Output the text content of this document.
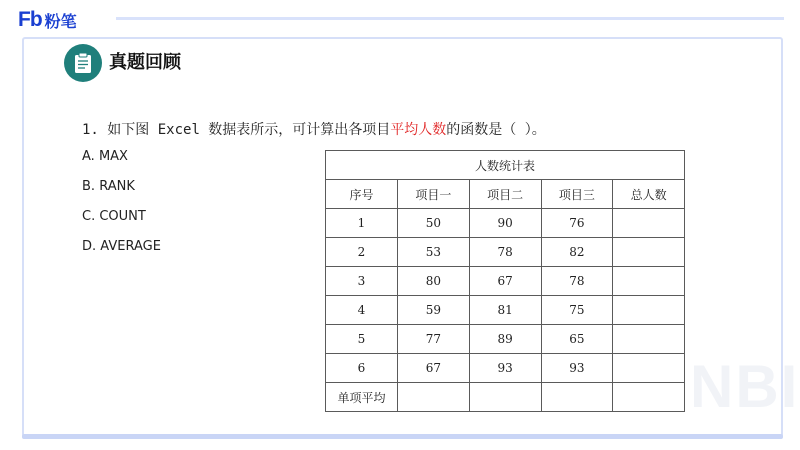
Fb 粉笔
NBI
真题回顾
1. 如下图 Excel 数据表所示，可计算出各项目平均人数的函数是（ ）。
A. MAX
B. RANK
C. COUNT
D. AVERAGE
人数统计表				
序号	项目一	项目二	项目三	总人数
1	50	90	76	
2	53	78	82	
3	80	67	78	
4	59	81	75	
5	77	89	65	
6	67	93	93	
单项平均				
